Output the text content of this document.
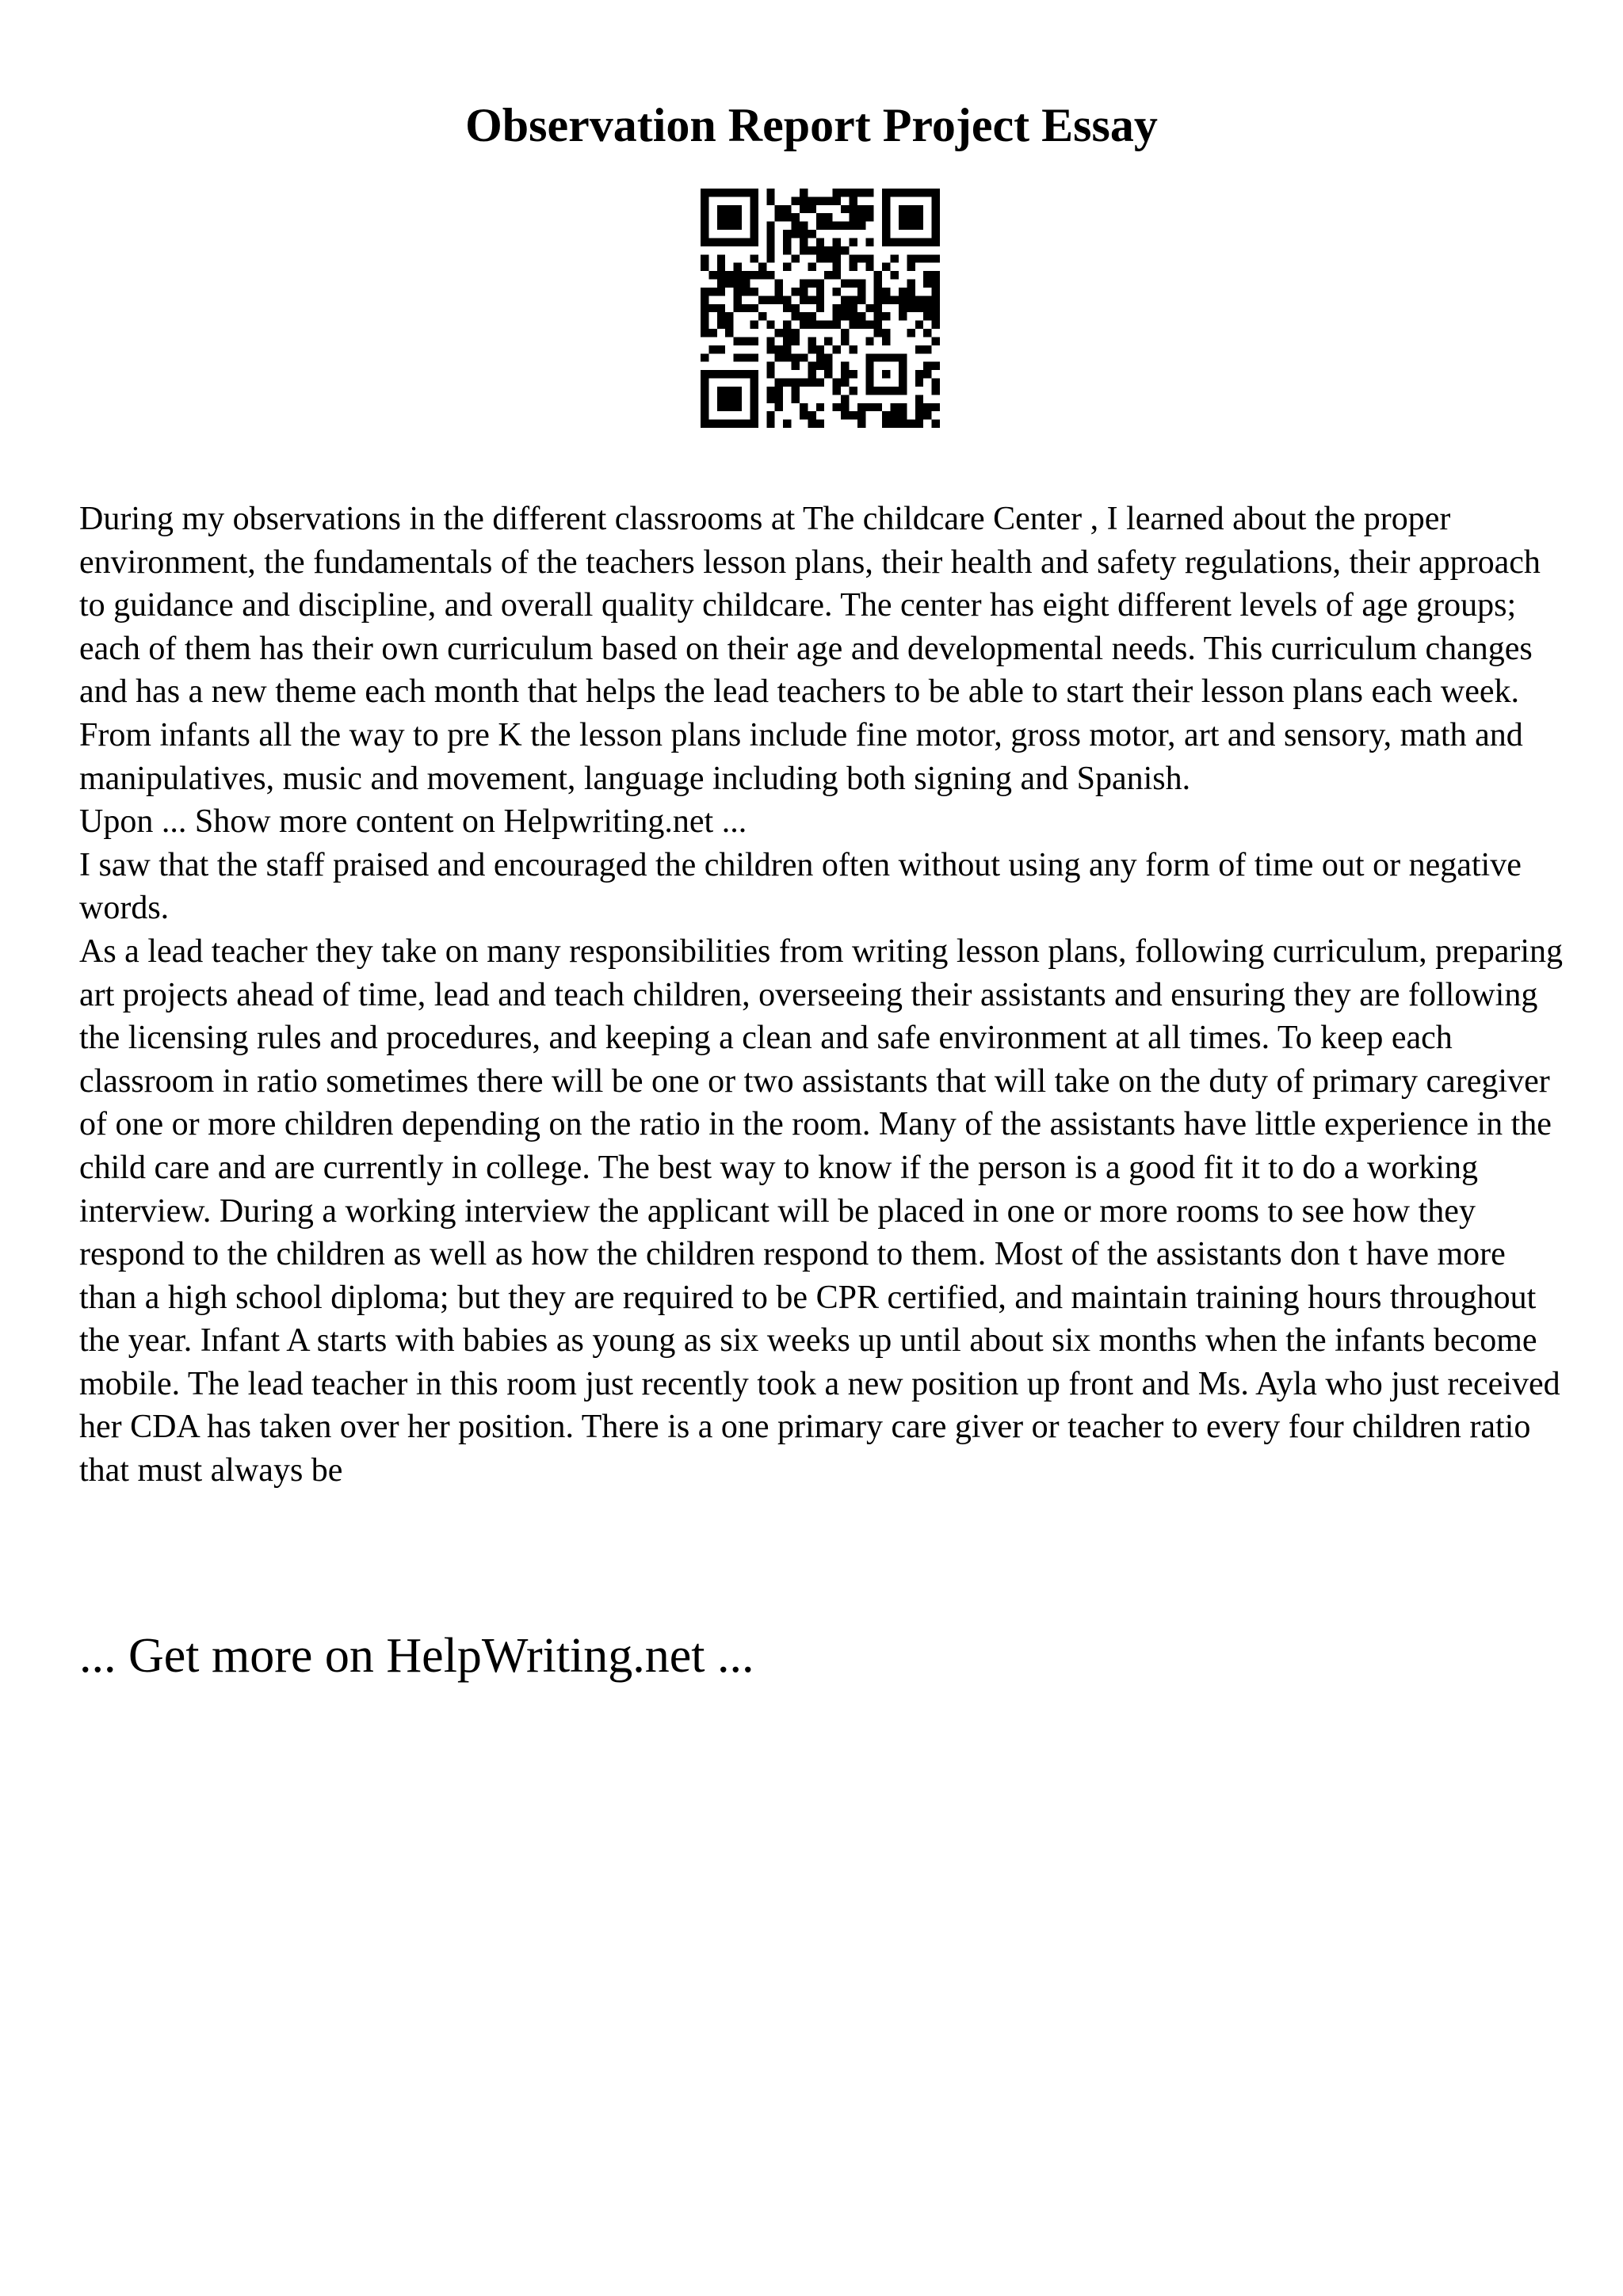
Observation Report Project Essay

During my observations in the different classrooms at The childcare Center , I learned about the proper environment, the fundamentals of the teachers lesson plans, their health and safety regulations, their approach to guidance and discipline, and overall quality childcare. The center has eight different levels of age groups; each of them has their own curriculum based on their age and developmental needs. This curriculum changes and has a new theme each month that helps the lead teachers to be able to start their lesson plans each week. From infants all the way to pre K the lesson plans include fine motor, gross motor, art and sensory, math and manipulatives, music and movement, language including both signing and Spanish.

Upon ... Show more content on Helpwriting.net ...

I saw that the staff praised and encouraged the children often without using any form of time out or negative words.

As a lead teacher they take on many responsibilities from writing lesson plans, following curriculum, preparing art projects ahead of time, lead and teach children, overseeing their assistants and ensuring they are following the licensing rules and procedures, and keeping a clean and safe environment at all times. To keep each classroom in ratio sometimes there will be one or two assistants that will take on the duty of primary caregiver of one or more children depending on the ratio in the room. Many of the assistants have little experience in the child care and are currently in college. The best way to know if the person is a good fit it to do a working interview. During a working interview the applicant will be placed in one or more rooms to see how they respond to the children as well as how the children respond to them. Most of the assistants don t have more than a high school diploma; but they are required to be CPR certified, and maintain training hours throughout the year. Infant A starts with babies as young as six weeks up until about six months when the infants become mobile. The lead teacher in this room just recently took a new position up front and Ms. Ayla who just received her CDA has taken over her position. There is a one primary care giver or teacher to every four children ratio that must always be

... Get more on HelpWriting.net ...
